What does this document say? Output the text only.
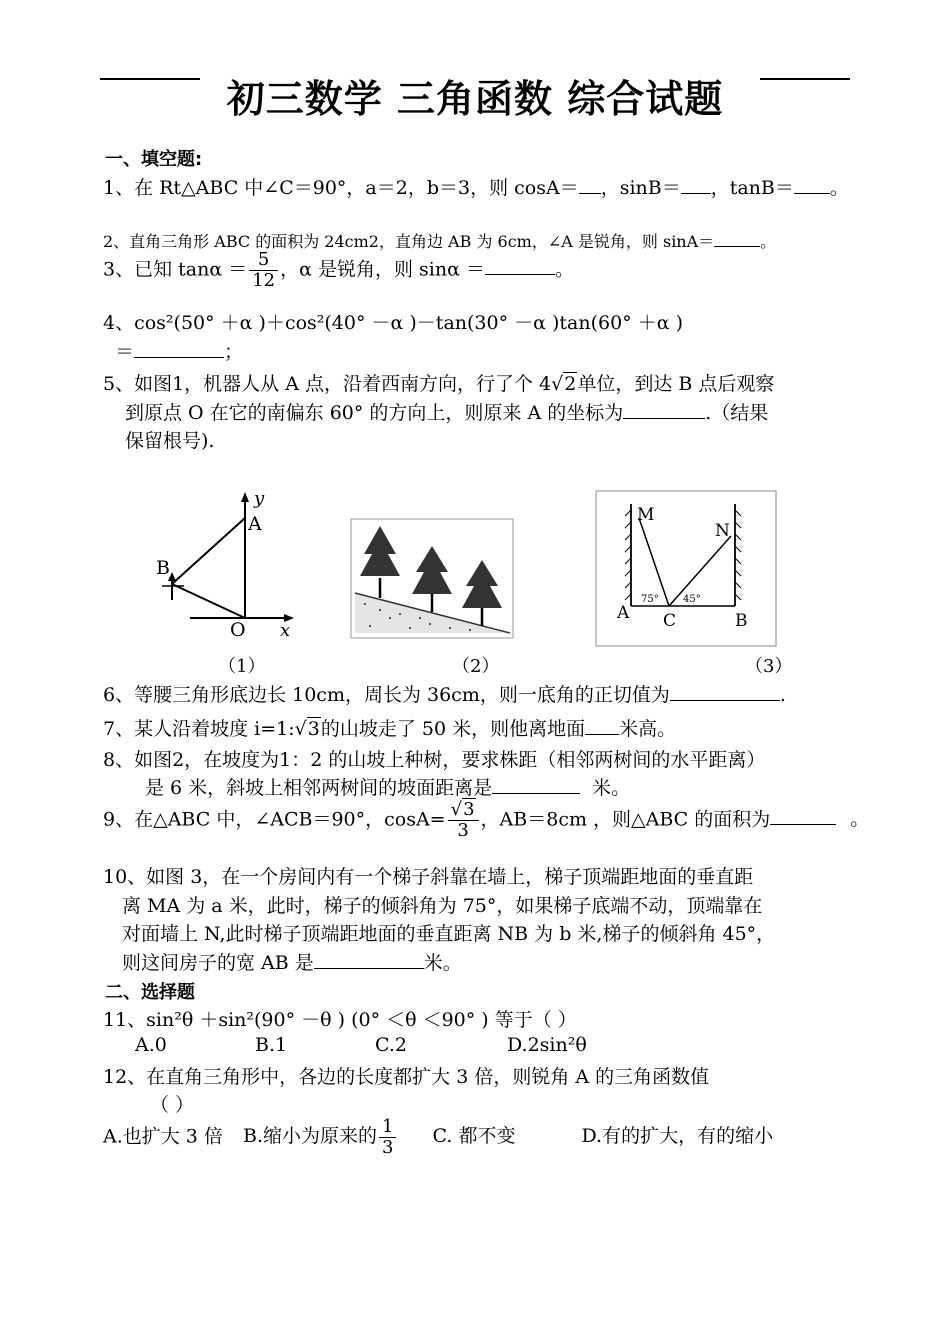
初三数学 三角函数 综合试题
一、填空题:
1、在 Rt△ABC 中∠C＝90°，a＝2，b＝3，则 cosA＝ ，sinB＝ ，tanB＝ 。
2、直角三角形 ABC 的面积为 24cm2，直角边 AB 为 6cm，∠A 是锐角，则 sinA＝	。
3、已知 $\tan\alpha = \frac{5}{12}$ ，α 是锐角，则 sinα ＝	。
4、cos²(50° ＋α )＋cos²(40° －α )－tan(30° －α )tan(60° ＋α )
＝	；
5、如图1，机器人从 A 点，沿着西南方向，行了个 4√2单位，到达 B 点后观察
到原点 O 在它的南偏东 60° 的方向上，则原来 A 的坐标为	.（结果
保留根号).
y
A
B
O x
（1）	（2）
M
N
A C	B
75° 45°
（3）
6、等腰三角形底边长 10cm，周长为 36cm，则一底角的正切值为	.
7、某人沿着坡度 i=1:√3的山坡走了 50 米，则他离地面 米高。
8、如图2，在坡度为1：2 的山坡上种树，要求株距（相邻两树间的水平距离）
是 6 米，斜坡上相邻两树间的坡面距离是	米。
9、在△ABC 中，∠ACB＝90°，$\cos A= \frac{√3}{3}$ ，AB＝8cm ，则△ABC 的面积为	。
10、如图 3，在一个房间内有一个梯子斜靠在墙上，梯子顶端距地面的垂直距
离 MA 为 a 米，此时，梯子的倾斜角为 75°，如果梯子底端不动，顶端靠在
对面墙上 N,此时梯子顶端距地面的垂直距离 NB 为 b 米,梯子的倾斜角 45°，
则这间房子的宽 AB 是	米。
二、选择题
11、sin²θ ＋sin²(90° －θ ) (0° ＜θ ＜90° ) 等于（ ）
A.0	B.1	C.2	D.2sin²θ
12、在直角三角形中，各边的长度都扩大 3 倍，则锐角 A 的三角函数值
（ ）
A.也扩大 3 倍 B.缩小为原来的 $\frac{1}{3} C$. 都不变	D.有的扩大，有的缩小
